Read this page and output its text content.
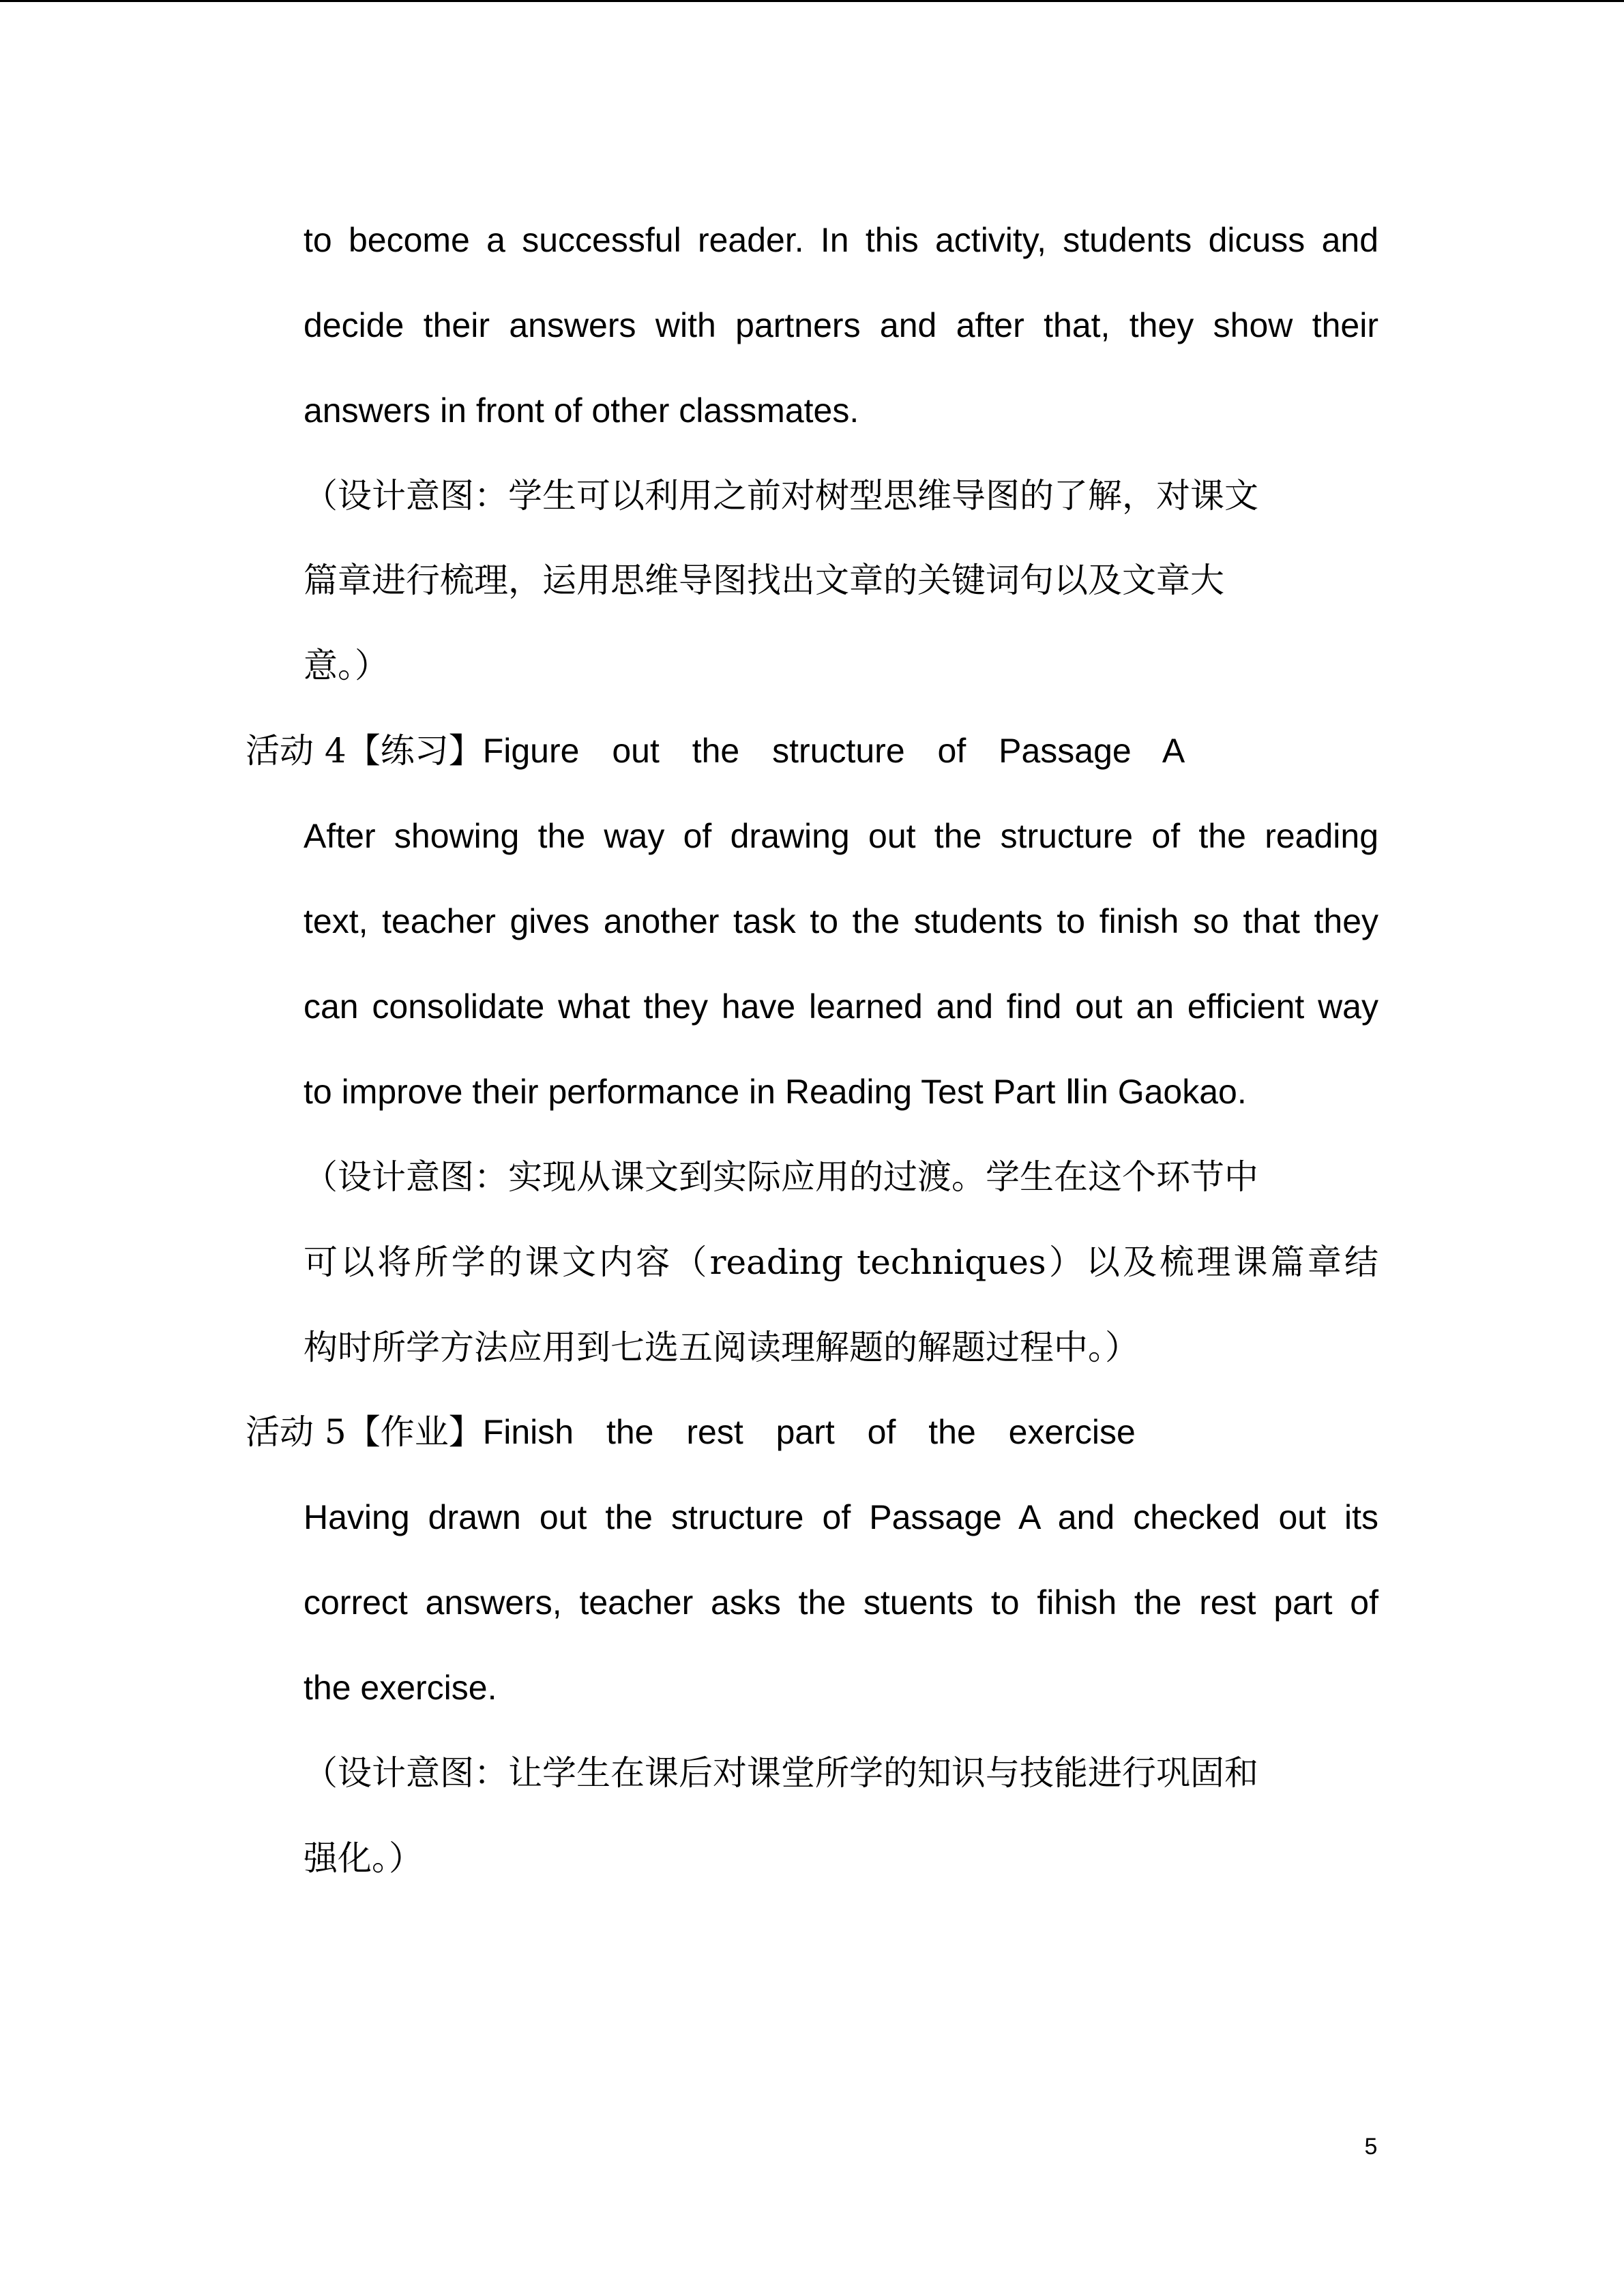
to become a successful reader. In this activity, students dicuss and
decide their answers with partners and after that, they show their
answers in front of other classmates.
（设计意图：学生可以利用之前对树型思维导图的了解，对课文
篇章进行梳理，运用思维导图找出文章的关键词句以及文章大
意。）
活动 4【练习】Figure out the structure of Passage A
After showing the way of drawing out the structure of the reading
text, teacher gives another task to the students to finish so that they
can consolidate what they have learned and find out an efficient way
to improve their performance in Reading Test Part Ⅱin Gaokao.
（设计意图：实现从课文到实际应用的过渡。学生在这个环节中
可以将所学的课文内容（reading techniques）以及梳理课篇章结
构时所学方法应用到七选五阅读理解题的解题过程中。）
活动 5【作业】Finish the rest part of the exercise
Having drawn out the structure of Passage A and checked out its
correct answers, teacher asks the stuents to fihish the rest part of
the exercise.
（设计意图：让学生在课后对课堂所学的知识与技能进行巩固和
强化。）
5
